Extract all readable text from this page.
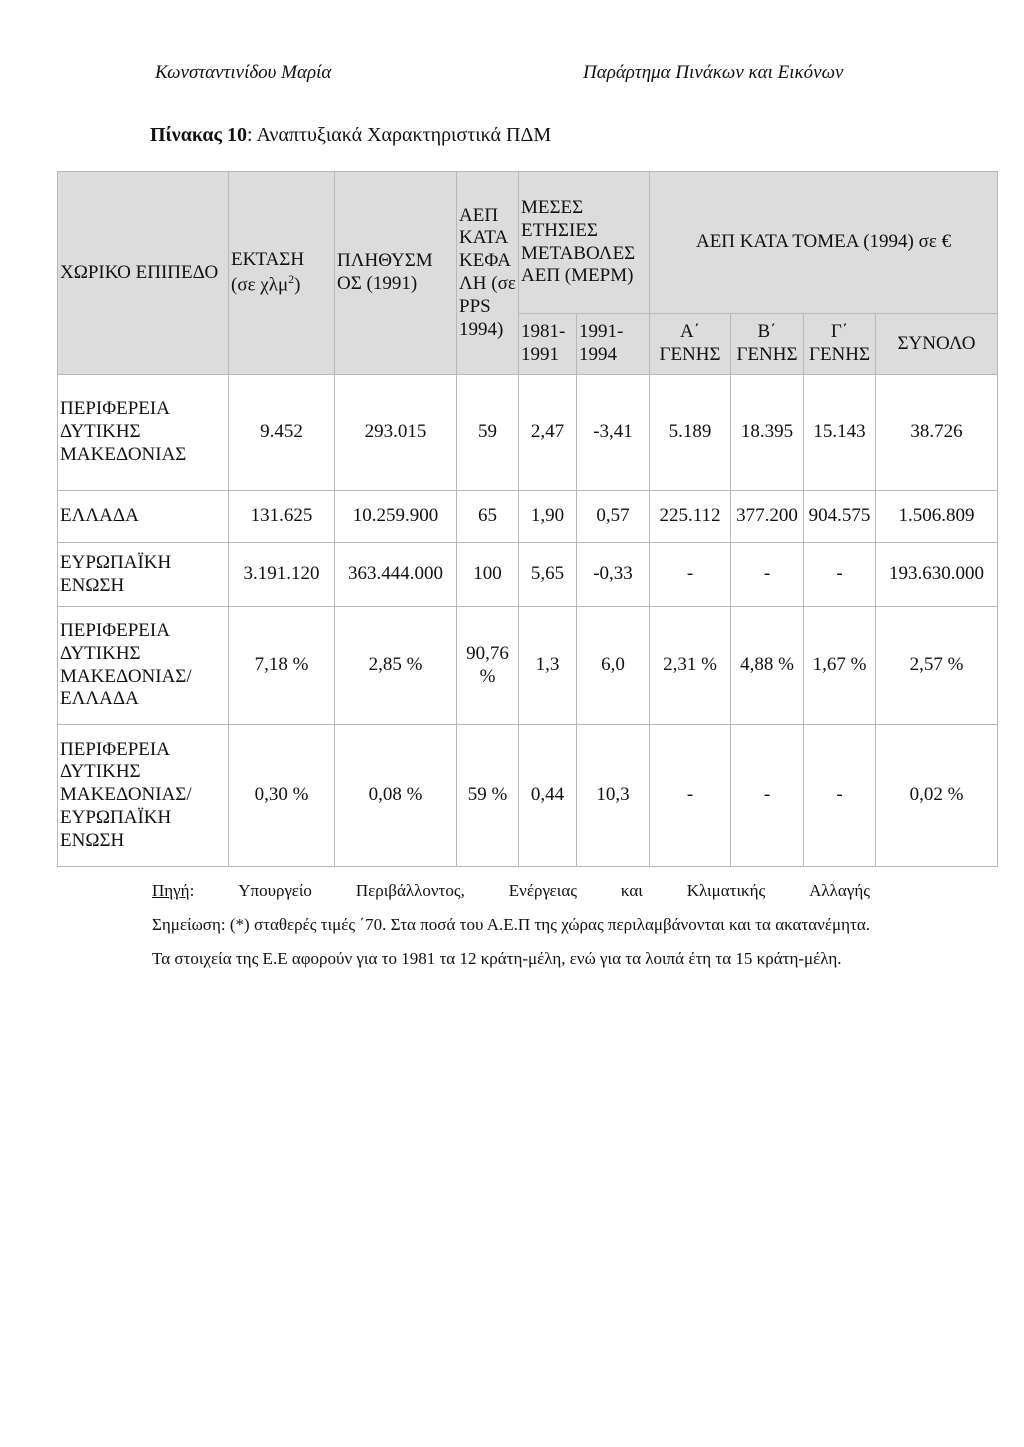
Κωνσταντινίδου Μαρία	Παράρτημα Πινάκων και Εικόνων
Πίνακας 10: Αναπτυξιακά Χαρακτηριστικά ΠΔΜ
ΧΩΡΙΚΟ ΕΠΙΠΕΔΟ	ΕΚΤΑΣΗ (σε χλμ$^2$)	ΠΛΗΘΥΣΜ ΟΣ (1991)	ΑΕΠ ΚΑΤΑ ΚΕΦΑ ΛΗ (σε PPS 1994)	ΜΕΣΕΣ ΕΤΗΣΙΕΣ ΜΕΤΑΒΟΛΕΣ ΑΕΠ (ΜΕΡΜ)		ΑΕΠ ΚΑΤΑ ΤΟΜΕΑ (1994) σε €			
				1981- 1991	1991- 1994	Α΄ ΓΕΝΗΣ	Β΄ ΓΕΝΗΣ	Γ΄ ΓΕΝΗΣ	ΣΥΝΟΛΟ
ΠΕΡΙΦΕΡΕΙΑ ΔΥΤΙΚΗΣ ΜΑΚΕΔΟΝΙΑΣ	9.452	293.015	59	2,47	-3,41	5.189	18.395	15.143	38.726
ΕΛΛΑΔΑ	131.625	10.259.900	65	1,90	0,57	225.112	377.200	904.575	1.506.809
ΕΥΡΩΠΑΪΚΗ ΕΝΩΣΗ	3.191.120	363.444.000	100	5,65	-0,33	-	-	-	193.630.000
ΠΕΡΙΦΕΡΕΙΑ ΔΥΤΙΚΗΣ ΜΑΚΕΔΟΝΙΑΣ/ ΕΛΛΑΔΑ	7,18 %	2,85 %	90,76 %	1,3	6,0	2,31 %	4,88 %	1,67 %	2,57 %
ΠΕΡΙΦΕΡΕΙΑ ΔΥΤΙΚΗΣ ΜΑΚΕΔΟΝΙΑΣ/ ΕΥΡΩΠΑΪΚΗ ΕΝΩΣΗ	0,30 %	0,08 %	59 %	0,44	10,3	-	-	-	0,02 %
Πηγή:	Υπουργείο	Περιβάλλοντος,	Ενέργειας	και	Κλιματικής	Αλλαγής
Σημείωση: (*) σταθερές τιμές ΄70. Στα ποσά του Α.Ε.Π της χώρας περιλαμβάνονται και τα ακατανέμητα. Τα στοιχεία της Ε.Ε αφορούν για το 1981 τα 12 κράτη-μέλη, ενώ για τα λοιπά έτη τα 15 κράτη-μέλη.
